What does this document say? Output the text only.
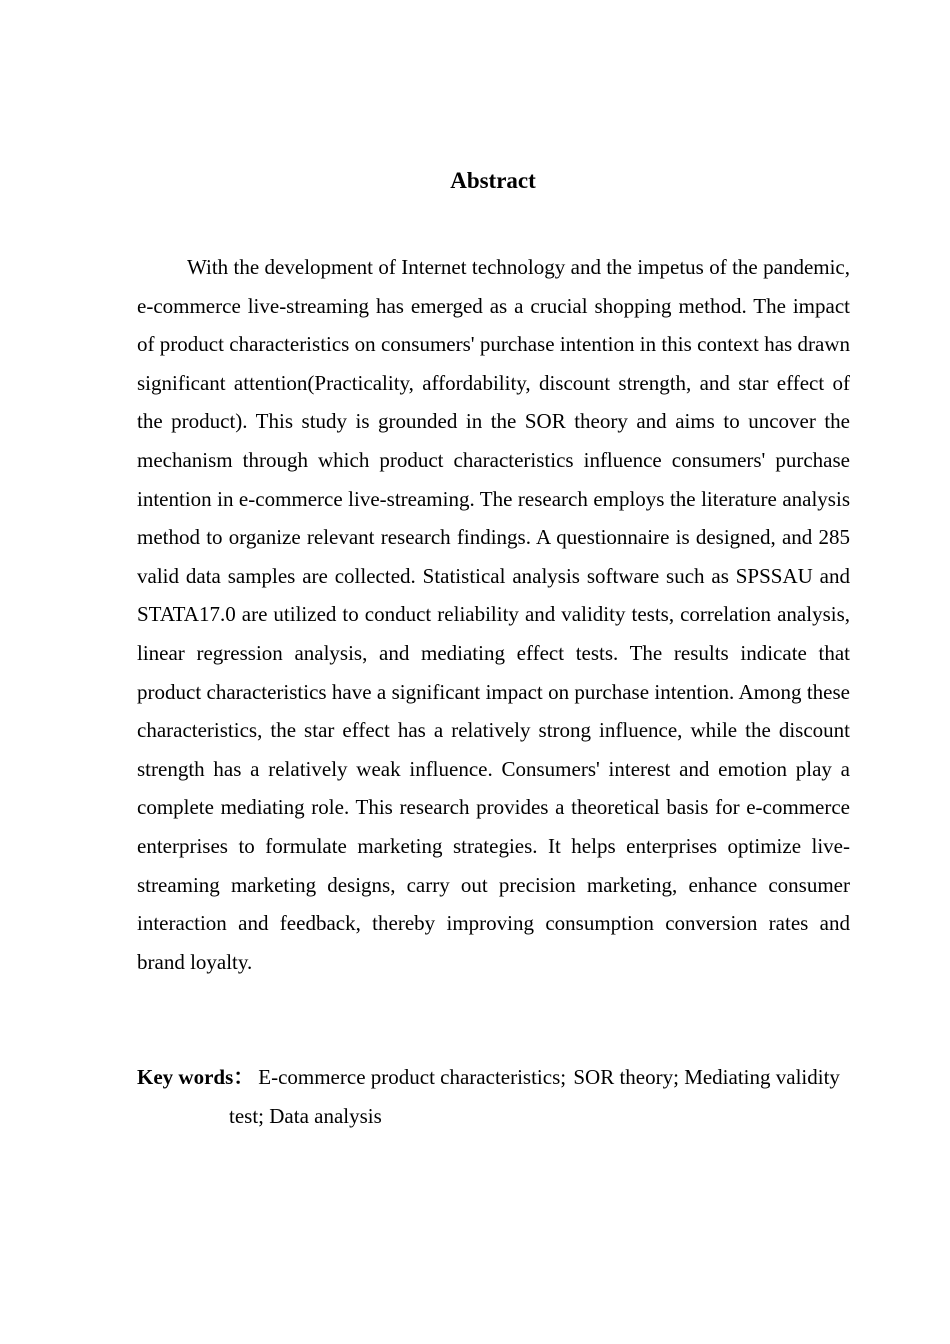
Abstract

With the development of Internet technology and the impetus of the pandemic, e-commerce live-streaming has emerged as a crucial shopping method. The impact of product characteristics on consumers' purchase intention in this context has drawn significant attention(Practicality, affordability, discount strength, and star effect of the product). This study is grounded in the SOR theory and aims to uncover the mechanism through which product characteristics influence consumers' purchase intention in e-commerce live-streaming. The research employs the literature analysis method to organize relevant research findings. A questionnaire is designed, and 285 valid data samples are collected. Statistical analysis software such as SPSSAU and STATA17.0 are utilized to conduct reliability and validity tests, correlation analysis, linear regression analysis, and mediating effect tests. The results indicate that product characteristics have a significant impact on purchase intention. Among these characteristics, the star effect has a relatively strong influence, while the discount strength has a relatively weak influence. Consumers' interest and emotion play a complete mediating role. This research provides a theoretical basis for e-commerce enterprises to formulate marketing strategies. It helps enterprises optimize live-streaming marketing designs, carry out precision marketing, enhance consumer interaction and feedback, thereby improving consumption conversion rates and brand loyalty.

Key words： E-commerce product characteristics; SOR theory; Mediating validity test; Data analysis
